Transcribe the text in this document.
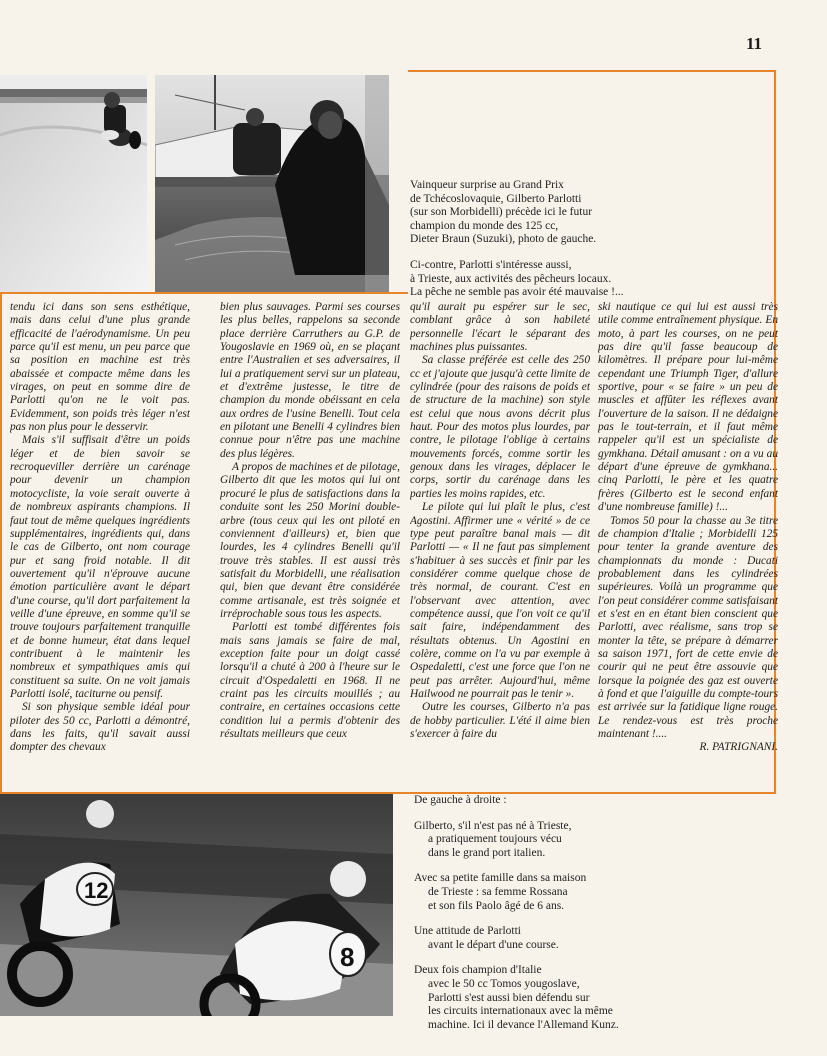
11

Vainqueur surprise au Grand Prix
de Tchécoslovaquie, Gilberto Parlotti
(sur son Morbidelli) précède ici le futur
champion du monde des 125 cc,
Dieter Braun (Suzuki), photo de gauche.

Ci-contre, Parlotti s'intéresse aussi,
à Trieste, aux activités des pêcheurs locaux.
La pêche ne semble pas avoir été mauvaise !...

tendu ici dans son sens esthétique, mais dans celui d'une plus grande efficacité de l'aérodynamisme. Un peu parce qu'il est menu, un peu parce que sa position en machine est très abaissée et compacte même dans les virages, on peut en somme dire de Parlotti qu'on ne le voit pas. Evidemment, son poids très léger n'est pas non plus pour le desservir.

Mais s'il suffisait d'être un poids léger et de bien savoir se recroqueviller derrière un carénage pour devenir un champion motocycliste, la voie serait ouverte à de nombreux aspirants champions. Il faut tout de même quelques ingrédients supplémentaires, ingrédients qui, dans le cas de Gilberto, ont nom courage pur et sang froid notable. Il dit ouvertement qu'il n'éprouve aucune émotion particulière avant le départ d'une course, qu'il dort parfaitement la veille d'une épreuve, en somme qu'il se trouve toujours parfaitement tranquille et de bonne humeur, état dans lequel contribuent à le maintenir les nombreux et sympathiques amis qui constituent sa suite. On ne voit jamais Parlotti isolé, taciturne ou pensif.

Si son physique semble idéal pour piloter des 50 cc, Parlotti a démontré, dans les faits, qu'il savait aussi dompter des chevaux

bien plus sauvages. Parmi ses courses les plus belles, rappelons sa seconde place derrière Carruthers au G.P. de Yougoslavie en 1969 où, en se plaçant entre l'Australien et ses adversaires, il lui a pratiquement servi sur un plateau, et d'extrême justesse, le titre de champion du monde obéissant en cela aux ordres de l'usine Benelli. Tout cela en pilotant une Benelli 4 cylindres bien connue pour n'être pas une machine des plus légères.

A propos de machines et de pilotage, Gilberto dit que les motos qui lui ont procuré le plus de satisfactions dans la conduite sont les 250 Morini double-arbre (tous ceux qui les ont piloté en conviennent d'ailleurs) et, bien que lourdes, les 4 cylindres Benelli qu'il trouve très stables. Il est aussi très satisfait du Morbidelli, une réalisation qui, bien que devant être considérée comme artisanale, est très soignée et irréprochable sous tous les aspects.

Parlotti est tombé différentes fois mais sans jamais se faire de mal, exception faite pour un doigt cassé lorsqu'il a chuté à 200 à l'heure sur le circuit d'Ospedaletti en 1968. Il ne craint pas les circuits mouillés ; au contraire, en certaines occasions cette condition lui a permis d'obtenir des résultats meilleurs que ceux

qu'il aurait pu espérer sur le sec, comblant grâce à son habileté personnelle l'écart le séparant des machines plus puissantes.

Sa classe préférée est celle des 250 cc et j'ajoute que jusqu'à cette limite de cylindrée (pour des raisons de poids et de structure de la machine) son style est celui que nous avons décrit plus haut. Pour des motos plus lourdes, par contre, le pilotage l'oblige à certains mouvements forcés, comme sortir les genoux dans les virages, déplacer le corps, sortir du carénage dans les parties les moins rapides, etc.

Le pilote qui lui plaît le plus, c'est Agostini. Affirmer une « vérité » de ce type peut paraître banal mais — dit Parlotti — « Il ne faut pas simplement s'habituer à ses succès et finir par les considérer comme quelque chose de très normal, de courant. C'est en l'observant avec attention, avec compétence aussi, que l'on voit ce qu'il sait faire, indépendamment des résultats obtenus. Un Agostini en colère, comme on l'a vu par exemple à Ospedaletti, c'est une force que l'on ne peut pas arrêter. Aujourd'hui, même Hailwood ne pourrait pas le tenir ».

Outre les courses, Gilberto n'a pas de hobby particulier. L'été il aime bien s'exercer à faire du

ski nautique ce qui lui est aussi très utile comme entraînement physique. En moto, à part les courses, on ne peut pas dire qu'il fasse beaucoup de kilomètres. Il prépare pour lui-même cependant une Triumph Tiger, d'allure sportive, pour « se faire » un peu de muscles et affûter les réflexes avant l'ouverture de la saison. Il ne dédaigne pas le tout-terrain, et il faut même rappeler qu'il est un spécialiste de gymkhana. Détail amusant : on a vu au départ d'une épreuve de gymkhana... cinq Parlotti, le père et les quatre frères (Gilberto est le second enfant d'une nombreuse famille) !...

Tomos 50 pour la chasse au 3e titre de champion d'Italie ; Morbidelli 125 pour tenter la grande aventure des championnats du monde : Ducati probablement dans les cylindrées supérieures. Voilà un programme que l'on peut considérer comme satisfaisant et s'est en en étant bien conscient que Parlotti, avec réalisme, sans trop se monter la tête, se prépare à démarrer sa saison 1971, fort de cette envie de courir qui ne peut être assouvie que lorsque la poignée des gaz est ouverte à fond et que l'aiguille du compte-tours est arrivée sur la fatidique ligne rouge. Le rendez-vous est très proche maintenant !....

R. PATRIGNANI.

12
8

De gauche à droite :

Gilberto, s'il n'est pas né à Trieste,
a pratiquement toujours vécu
dans le grand port italien.

Avec sa petite famille dans sa maison
de Trieste : sa femme Rossana
et son fils Paolo âgé de 6 ans.

Une attitude de Parlotti
avant le départ d'une course.

Deux fois champion d'Italie
avec le 50 cc Tomos yougoslave,
Parlotti s'est aussi bien défendu sur
les circuits internationaux avec la même
machine. Ici il devance l'Allemand Kunz.
